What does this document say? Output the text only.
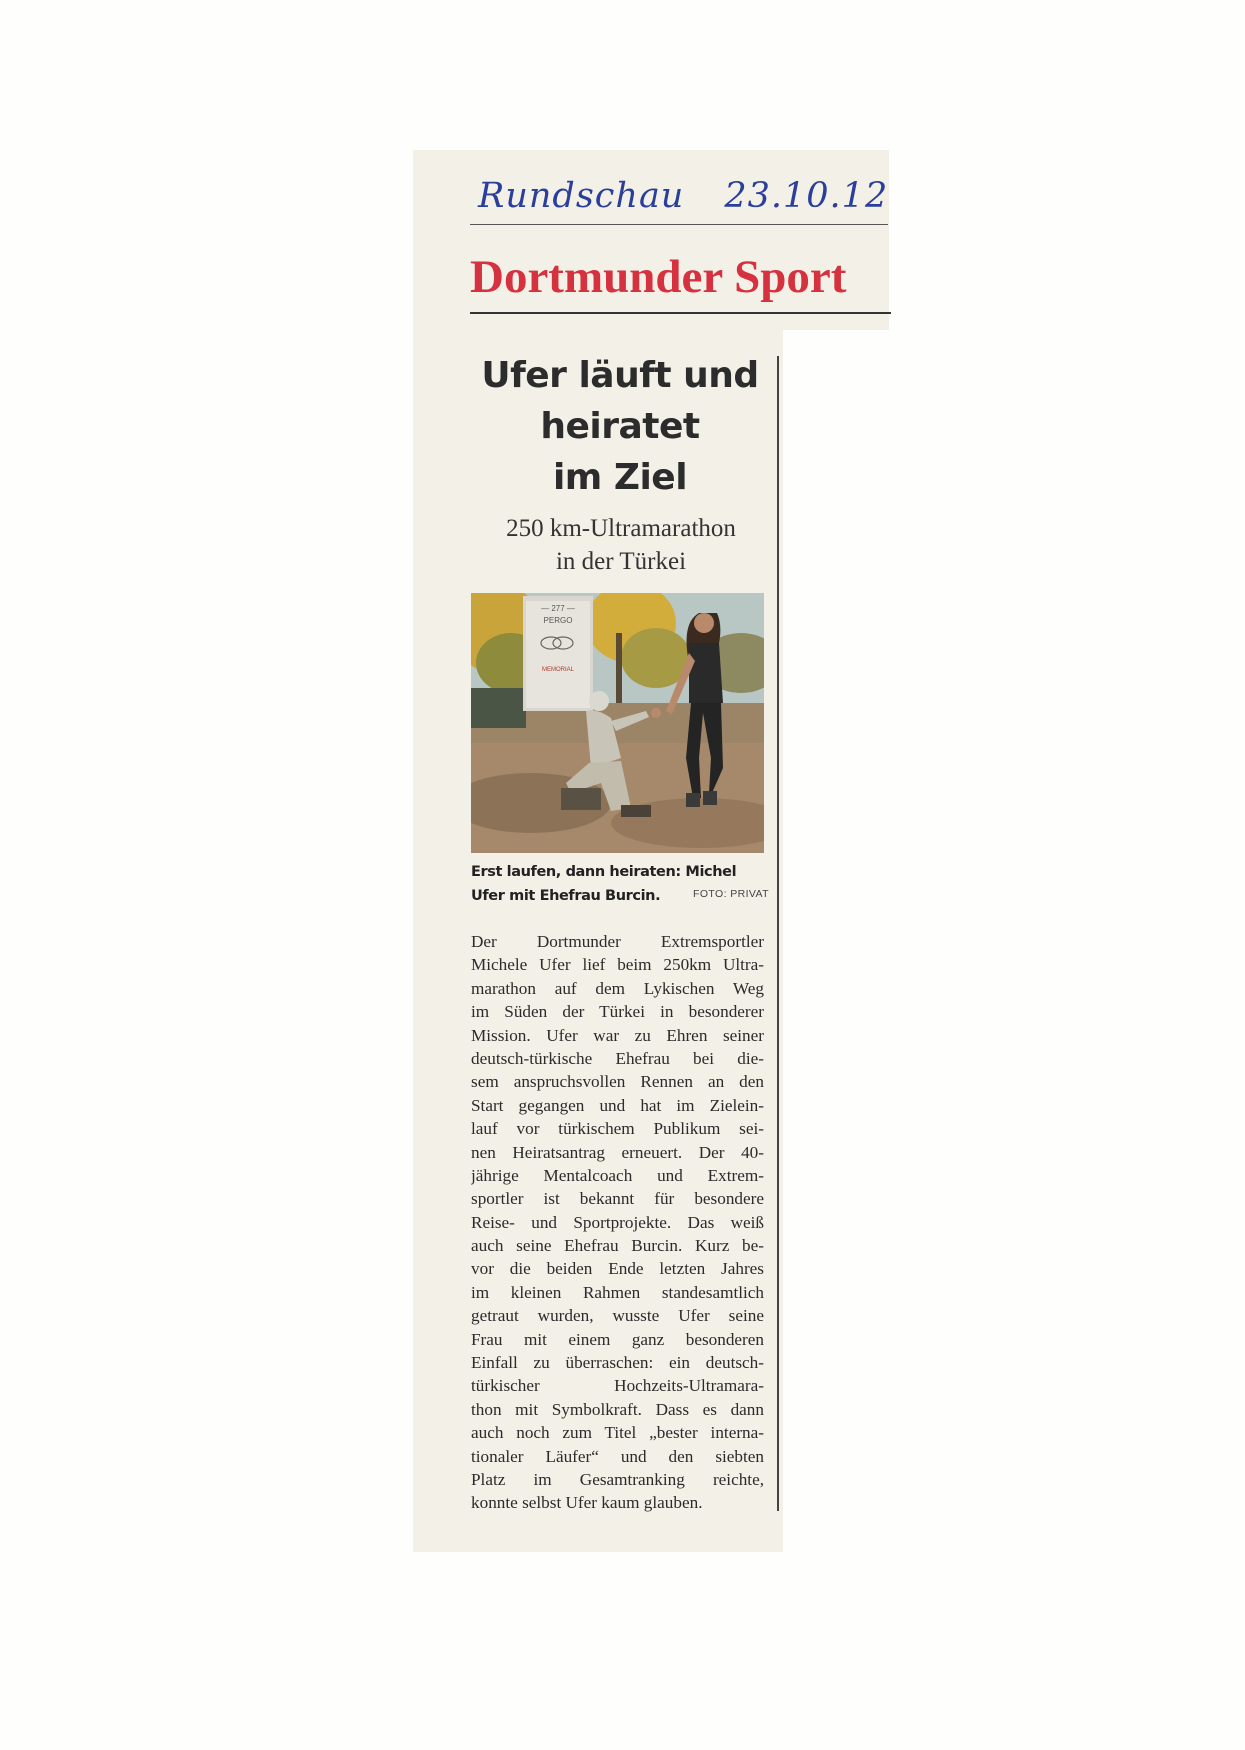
Rundschau 23.10.12
Dortmunder Sport
Ufer läuft und
heiratet
im Ziel
250 km-Ultramarathon
in der Türkei
— 277 —
PERGO
MEMORIAL
Erst laufen, dann heiraten: Michel Ufer mit Ehefrau Burcin.	FOTO: PRIVAT
Der Dortmunder Extremsportler
Michele Ufer lief beim 250km Ultra-
marathon auf dem Lykischen Weg
im Süden der Türkei in besonderer
Mission. Ufer war zu Ehren seiner
deutsch-türkische Ehefrau bei die-
sem anspruchsvollen Rennen an den
Start gegangen und hat im Zielein-
lauf vor türkischem Publikum sei-
nen Heiratsantrag erneuert. Der 40-
jährige Mentalcoach und Extrem-
sportler ist bekannt für besondere
Reise- und Sportprojekte. Das weiß
auch seine Ehefrau Burcin. Kurz be-
vor die beiden Ende letzten Jahres
im kleinen Rahmen standesamtlich
getraut wurden, wusste Ufer seine
Frau mit einem ganz besonderen
Einfall zu überraschen: ein deutsch-
türkischer Hochzeits-Ultramara-
thon mit Symbolkraft. Dass es dann
auch noch zum Titel „bester interna-
tionaler Läufer“ und den siebten
Platz im Gesamtranking reichte,
konnte selbst Ufer kaum glauben.
